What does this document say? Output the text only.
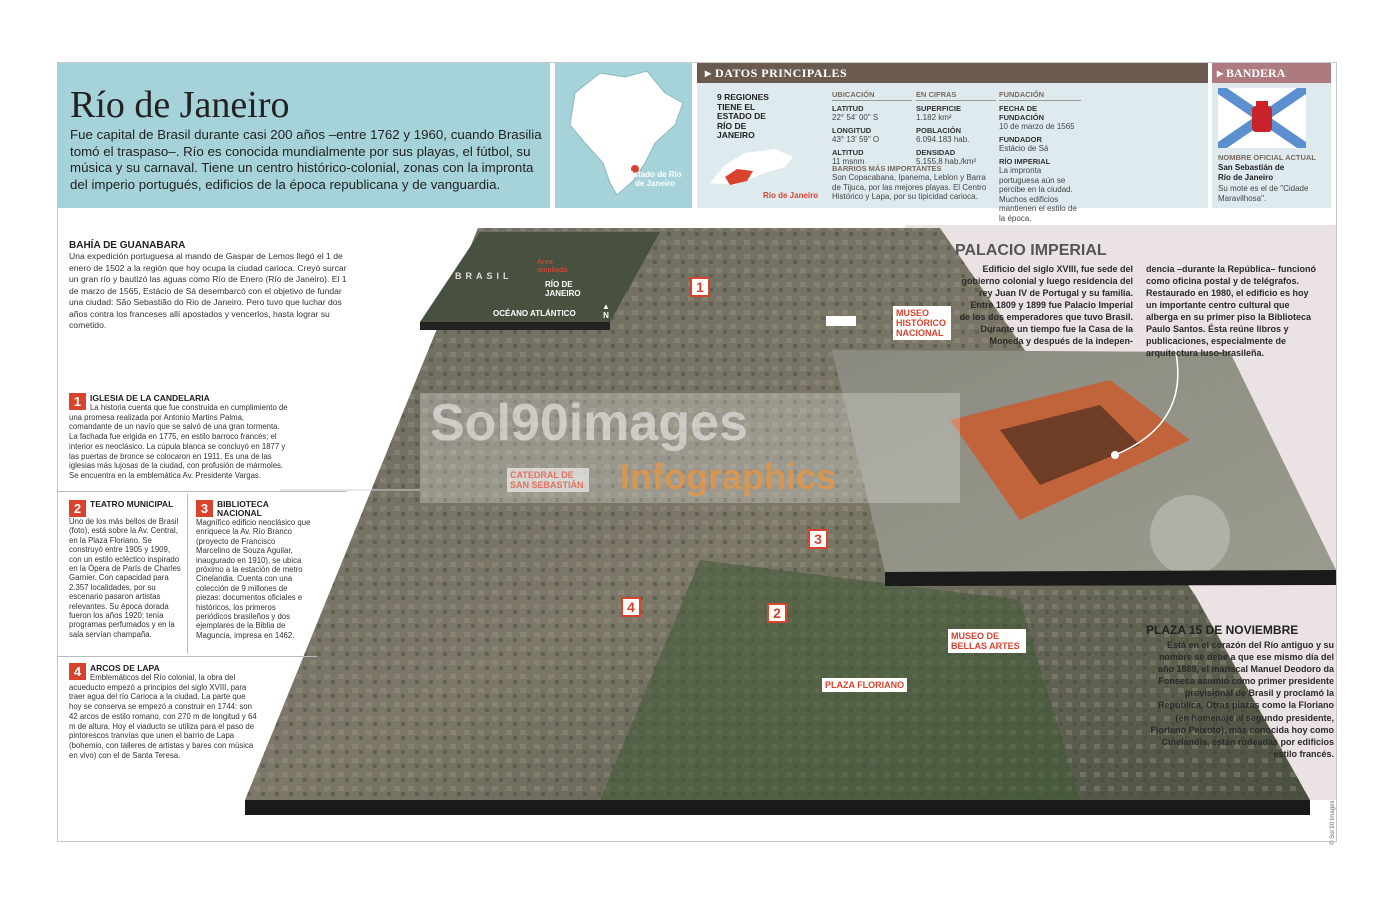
Río de Janeiro

Fue capital de Brasil durante casi 200 años –entre 1762 y 1960, cuando Brasilia tomó el traspaso–. Río es conocida mundialmente por sus playas, el fútbol, su música y su carnaval. Tiene un centro histórico-colonial, zonas con la impronta del imperio portugués, edificios de la época republicana y de vanguardia.

Estado de Río de Janeiro
▸ DATOS PRINCIPALES
9 REGIONES TIENE EL ESTADO DE RÍO DE JANEIRO
Río de Janeiro
UBICACIÓN
LATITUD
22° 54' 00" S
LONGITUD
43° 13' 59" O
ALTITUD
11 msnm
EN CIFRAS
SUPERFICIE
1.182 km²
POBLACIÓN
6.094.183 hab.
DENSIDAD
5.155,8 hab./km²
BARRIOS MÁS IMPORTANTES
Son Copacabana, Ipanema, Leblon y Barra de Tijuca, por las mejores playas. El Centro Histórico y Lapa, por su tipicidad carioca.
FUNDACIÓN
FECHA DE FUNDACIÓN
10 de marzo de 1565
FUNDADOR
Estácio de Sá
RÍO IMPERIAL
La impronta portuguesa aún se percibe en la ciudad. Muchos edificios mantienen el estilo de la época.
▸ BANDERA
NOMBRE OFICIAL ACTUAL
San Sebastián de Río de Janeiro
Su mote es el de "Cidade Maravilhosa".
BRASIL
Área ampliada
RÍO DE JANEIRO
OCÉANO ATLÁNTICO
▲
N
1
2
3
4
MUSEO HISTÓRICO NACIONAL
CATEDRAL DE SAN SEBASTIÁN
MUSEO DE BELLAS ARTES
PLAZA FLORIANO
Sol90images
Infographics
BAHÍA DE GUANABARA
Una expedición portuguesa al mando de Gaspar de Lemos llegó el 1 de enero de 1502 a la región que hoy ocupa la ciudad carioca. Creyó surcar un gran río y bautizó las aguas como Río de Enero (Río de Janeiro). El 1 de marzo de 1565, Estácio de Sá desembarcó con el objetivo de fundar una ciudad: São Sebastião do Rio de Janeiro. Pero tuvo que luchar dos años contra los franceses allí apostados y vencerlos, hasta lograr su cometido.
1	IGLESIA DE LA CANDELARIA
La historia cuenta que fue construida en cumplimiento de una promesa realizada por Antonio Martins Palma, comandante de un navío que se salvó de una gran tormenta. La fachada fue erigida en 1775, en estilo barroco francés; el interior es neoclásico. La cúpula blanca se concluyó en 1877 y las puertas de bronce se colocaron en 1911. Es una de las iglesias más lujosas de la ciudad, con profusión de mármoles. Se encuentra en la emblemática Av. Presidente Vargas.
2	TEATRO MUNICIPAL
Uno de los más bellos de Brasil (foto), está sobre la Av. Central, en la Plaza Floriano. Se construyó entre 1905 y 1909, con un estilo ecléctico inspirado en la Ópera de París de Charles Garnier. Con capacidad para 2.357 localidades, por su escenario pasaron artistas relevantes. Su época dorada fueron los años 1920: tenía programas perfumados y en la sala servían champaña.
3	BIBLIOTECA NACIONAL
Magnífico edificio neoclásico que enriquece la Av. Río Branco (proyecto de Francisco Marcelino de Souza Aguilar, inaugurado en 1910), se ubica próximo a la estación de metro Cinelandia. Cuenta con una colección de 9 millones de piezas: documentos oficiales e históricos, los primeros periódicos brasileños y dos ejemplares de la Biblia de Maguncia, impresa en 1462.
4	ARCOS DE LAPA
Emblemáticos del Río colonial, la obra del acueducto empezó a principios del siglo XVIII, para traer agua del río Carioca a la ciudad. La parte que hoy se conserva se empezó a construir en 1744: son 42 arcos de estilo romano, con 270 m de longitud y 64 m de altura. Hoy el viaducto se utiliza para el paso de pintorescos tranvías que unen el barrio de Lapa (bohemio, con talleres de artistas y bares con música en vivo) con el de Santa Teresa.
PALACIO IMPERIAL
Edificio del siglo XVIII, fue sede del gobierno colonial y luego residencia del rey Juan IV de Portugal y su familia. Entre 1809 y 1899 fue Palacio Imperial de los dos emperadores que tuvo Brasil. Durante un tiempo fue la Casa de la Moneda y después de la indepen-
dencia –durante la República– funcionó como oficina postal y de telégrafos. Restaurado en 1980, el edificio es hoy un importante centro cultural que alberga en su primer piso la Biblioteca Paulo Santos. Ésta reúne libros y publicaciones, especialmente de arquitectura luso-brasileña.
PLAZA 15 DE NOVIEMBRE
Está en el corazón del Río antiguo y su nombre se debe a que ese mismo día del año 1889, el mariscal Manuel Deodoro da Fonseca asumió como primer presidente provisional de Brasil y proclamó la República. Otras plazas como la Floriano (en homenaje al segundo presidente, Floriano Peixoto), más conocida hoy como Cinelandia, están rodeadas por edificios estilo francés.
© Sol 90 Images
